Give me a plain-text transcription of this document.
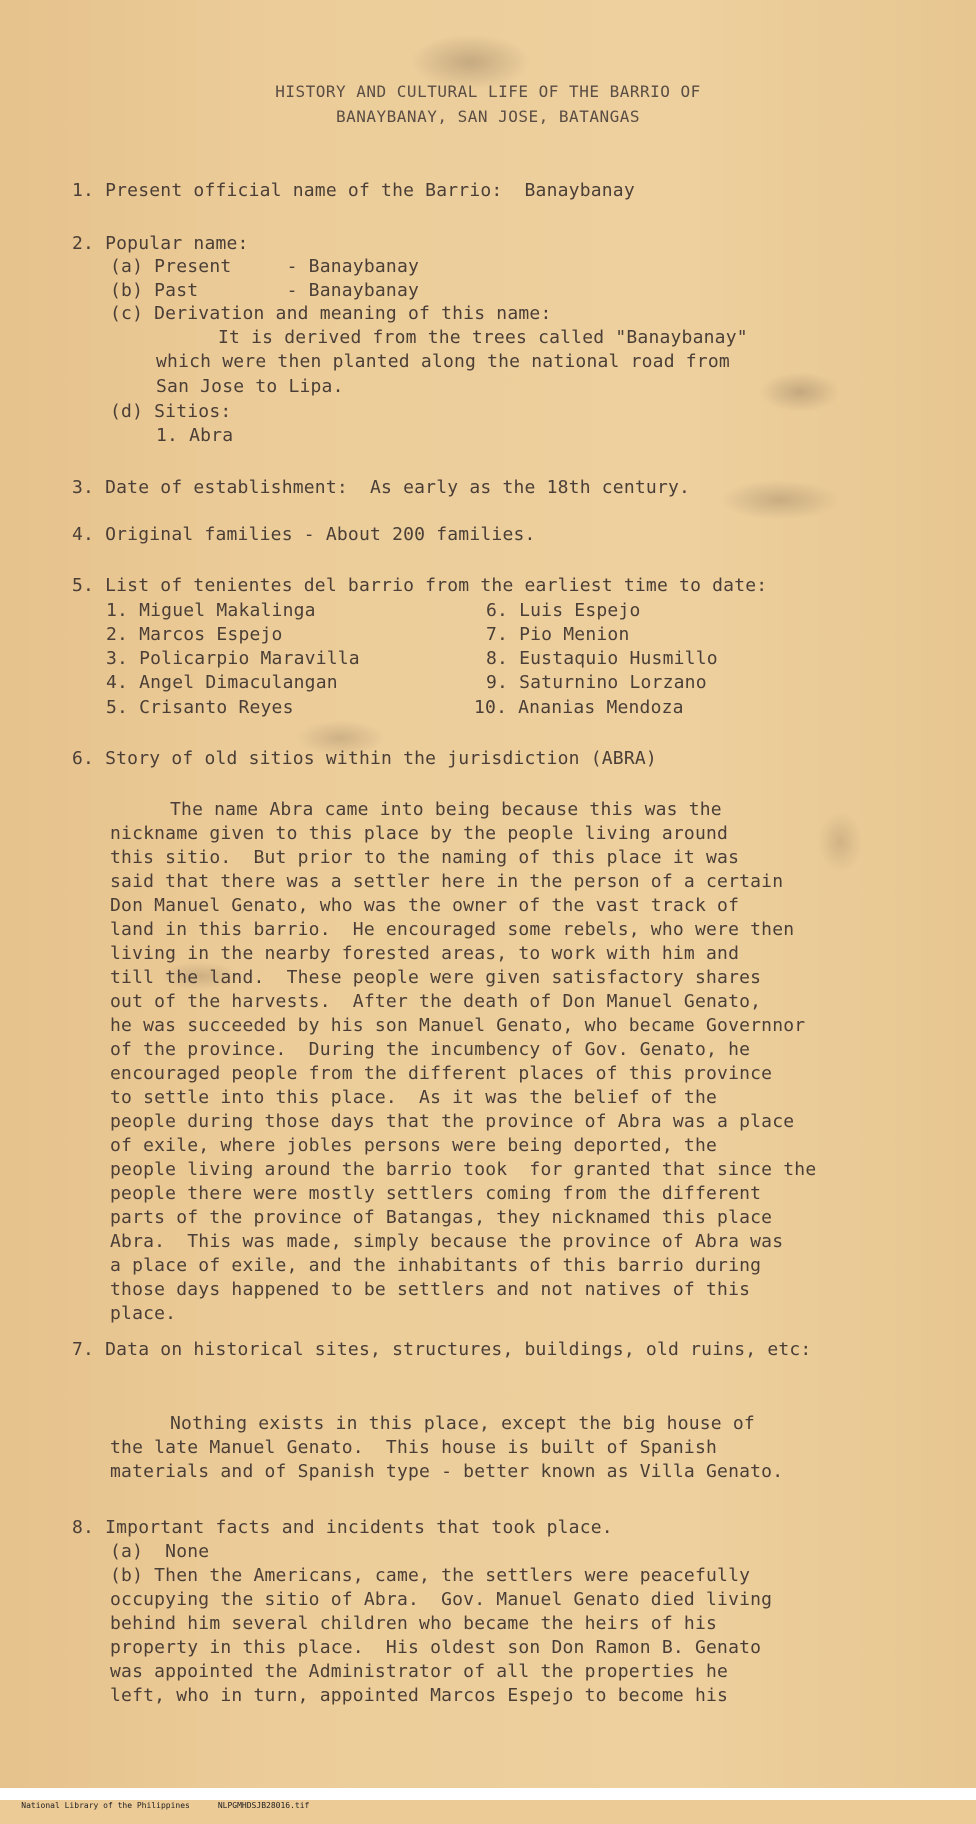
HISTORY AND CULTURAL LIFE OF THE BARRIO OF
BANAYBANAY, SAN JOSE, BATANGAS
1. Present official name of the Barrio:  Banaybanay
2. Popular name:
(a) Present     - Banaybanay
(b) Past        - Banaybanay
(c) Derivation and meaning of this name:
It is derived from the trees called "Banaybanay"
which were then planted along the national road from
San Jose to Lipa.
(d) Sitios:
1. Abra
3. Date of establishment:  As early as the 18th century.
4. Original families - About 200 families.
5. List of tenientes del barrio from the earliest time to date:
1. Miguel Makalinga
2. Marcos Espejo
3. Policarpio Maravilla
4. Angel Dimaculangan
5. Crisanto Reyes
6. Luis Espejo
7. Pio Menion
8. Eustaquio Husmillo
9. Saturnino Lorzano
10. Ananias Mendoza
6. Story of old sitios within the jurisdiction (ABRA)
The name Abra came into being because this was the
nickname given to this place by the people living around
this sitio.  But prior to the naming of this place it was
said that there was a settler here in the person of a certain
Don Manuel Genato, who was the owner of the vast track of
land in this barrio.  He encouraged some rebels, who were then
living in the nearby forested areas, to work with him and
till the land.  These people were given satisfactory shares
out of the harvests.  After the death of Don Manuel Genato,
he was succeeded by his son Manuel Genato, who became Governnor
of the province.  During the incumbency of Gov. Genato, he
encouraged people from the different places of this province
to settle into this place.  As it was the belief of the
people during those days that the province of Abra was a place
of exile, where jobles persons were being deported, the
people living around the barrio took  for granted that since the
people there were mostly settlers coming from the different
parts of the province of Batangas, they nicknamed this place
Abra.  This was made, simply because the province of Abra was
a place of exile, and the inhabitants of this barrio during
those days happened to be settlers and not natives of this
place.
7. Data on historical sites, structures, buildings, old ruins, etc:
Nothing exists in this place, except the big house of
the late Manuel Genato.  This house is built of Spanish
materials and of Spanish type - better known as Villa Genato.
8. Important facts and incidents that took place.
(a)  None
(b) Then the Americans, came, the settlers were peacefully
occupying the sitio of Abra.  Gov. Manuel Genato died living
behind him several children who became the heirs of his
property in this place.  His oldest son Don Ramon B. Genato
was appointed the Administrator of all the properties he
left, who in turn, appointed Marcos Espejo to become his

National Library of the Philippines	NLPGMHDSJB28016.tif
